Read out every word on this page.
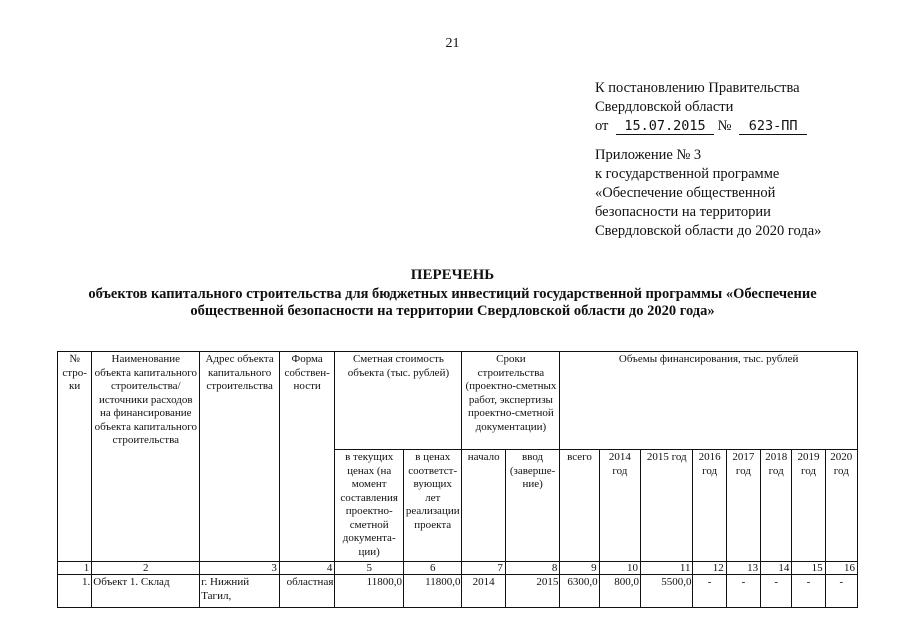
21
К постановлению Правительства
Свердловской области
от 15.07.2015 № 623-ПП
Приложение № 3
к государственной программе
«Обеспечение общественной
безопасности на территории
Свердловской области до 2020 года»
ПЕРЕЧЕНЬ
объектов капитального строительства для бюджетных инвестиций государственной программы «Обеспечение общественной безопасности на территории Свердловской области до 2020 года»
№ стро-ки	Наименование объекта капитального строительства/ источники расходов на финансирование объекта капитального строительства	Адрес объекта капитального строительства	Форма собствен-ности	Сметная стоимость объекта (тыс. рублей)		Сроки строительства (проектно-сметных работ, экспертизы проектно-сметной документации)		Объемы финансирования, тыс. рублей							
				в текущих ценах (на момент составления проектно-сметной документа-ции)	в ценах соответст-вующих лет реализации проекта	начало	ввод (заверше-ние)	всего	2014 год	2015 год	2016 год	2017 год	2018 год	2019 год	2020 год
1	2	3	4	5	6	7	8	9	10	11	12	13	14	15	16
1.	Объект 1. Склад	г. Нижний Тагил,	областная	11800,0	11800,0	2014	2015	6300,0	800,0	5500,0	-	-	-	-	-
